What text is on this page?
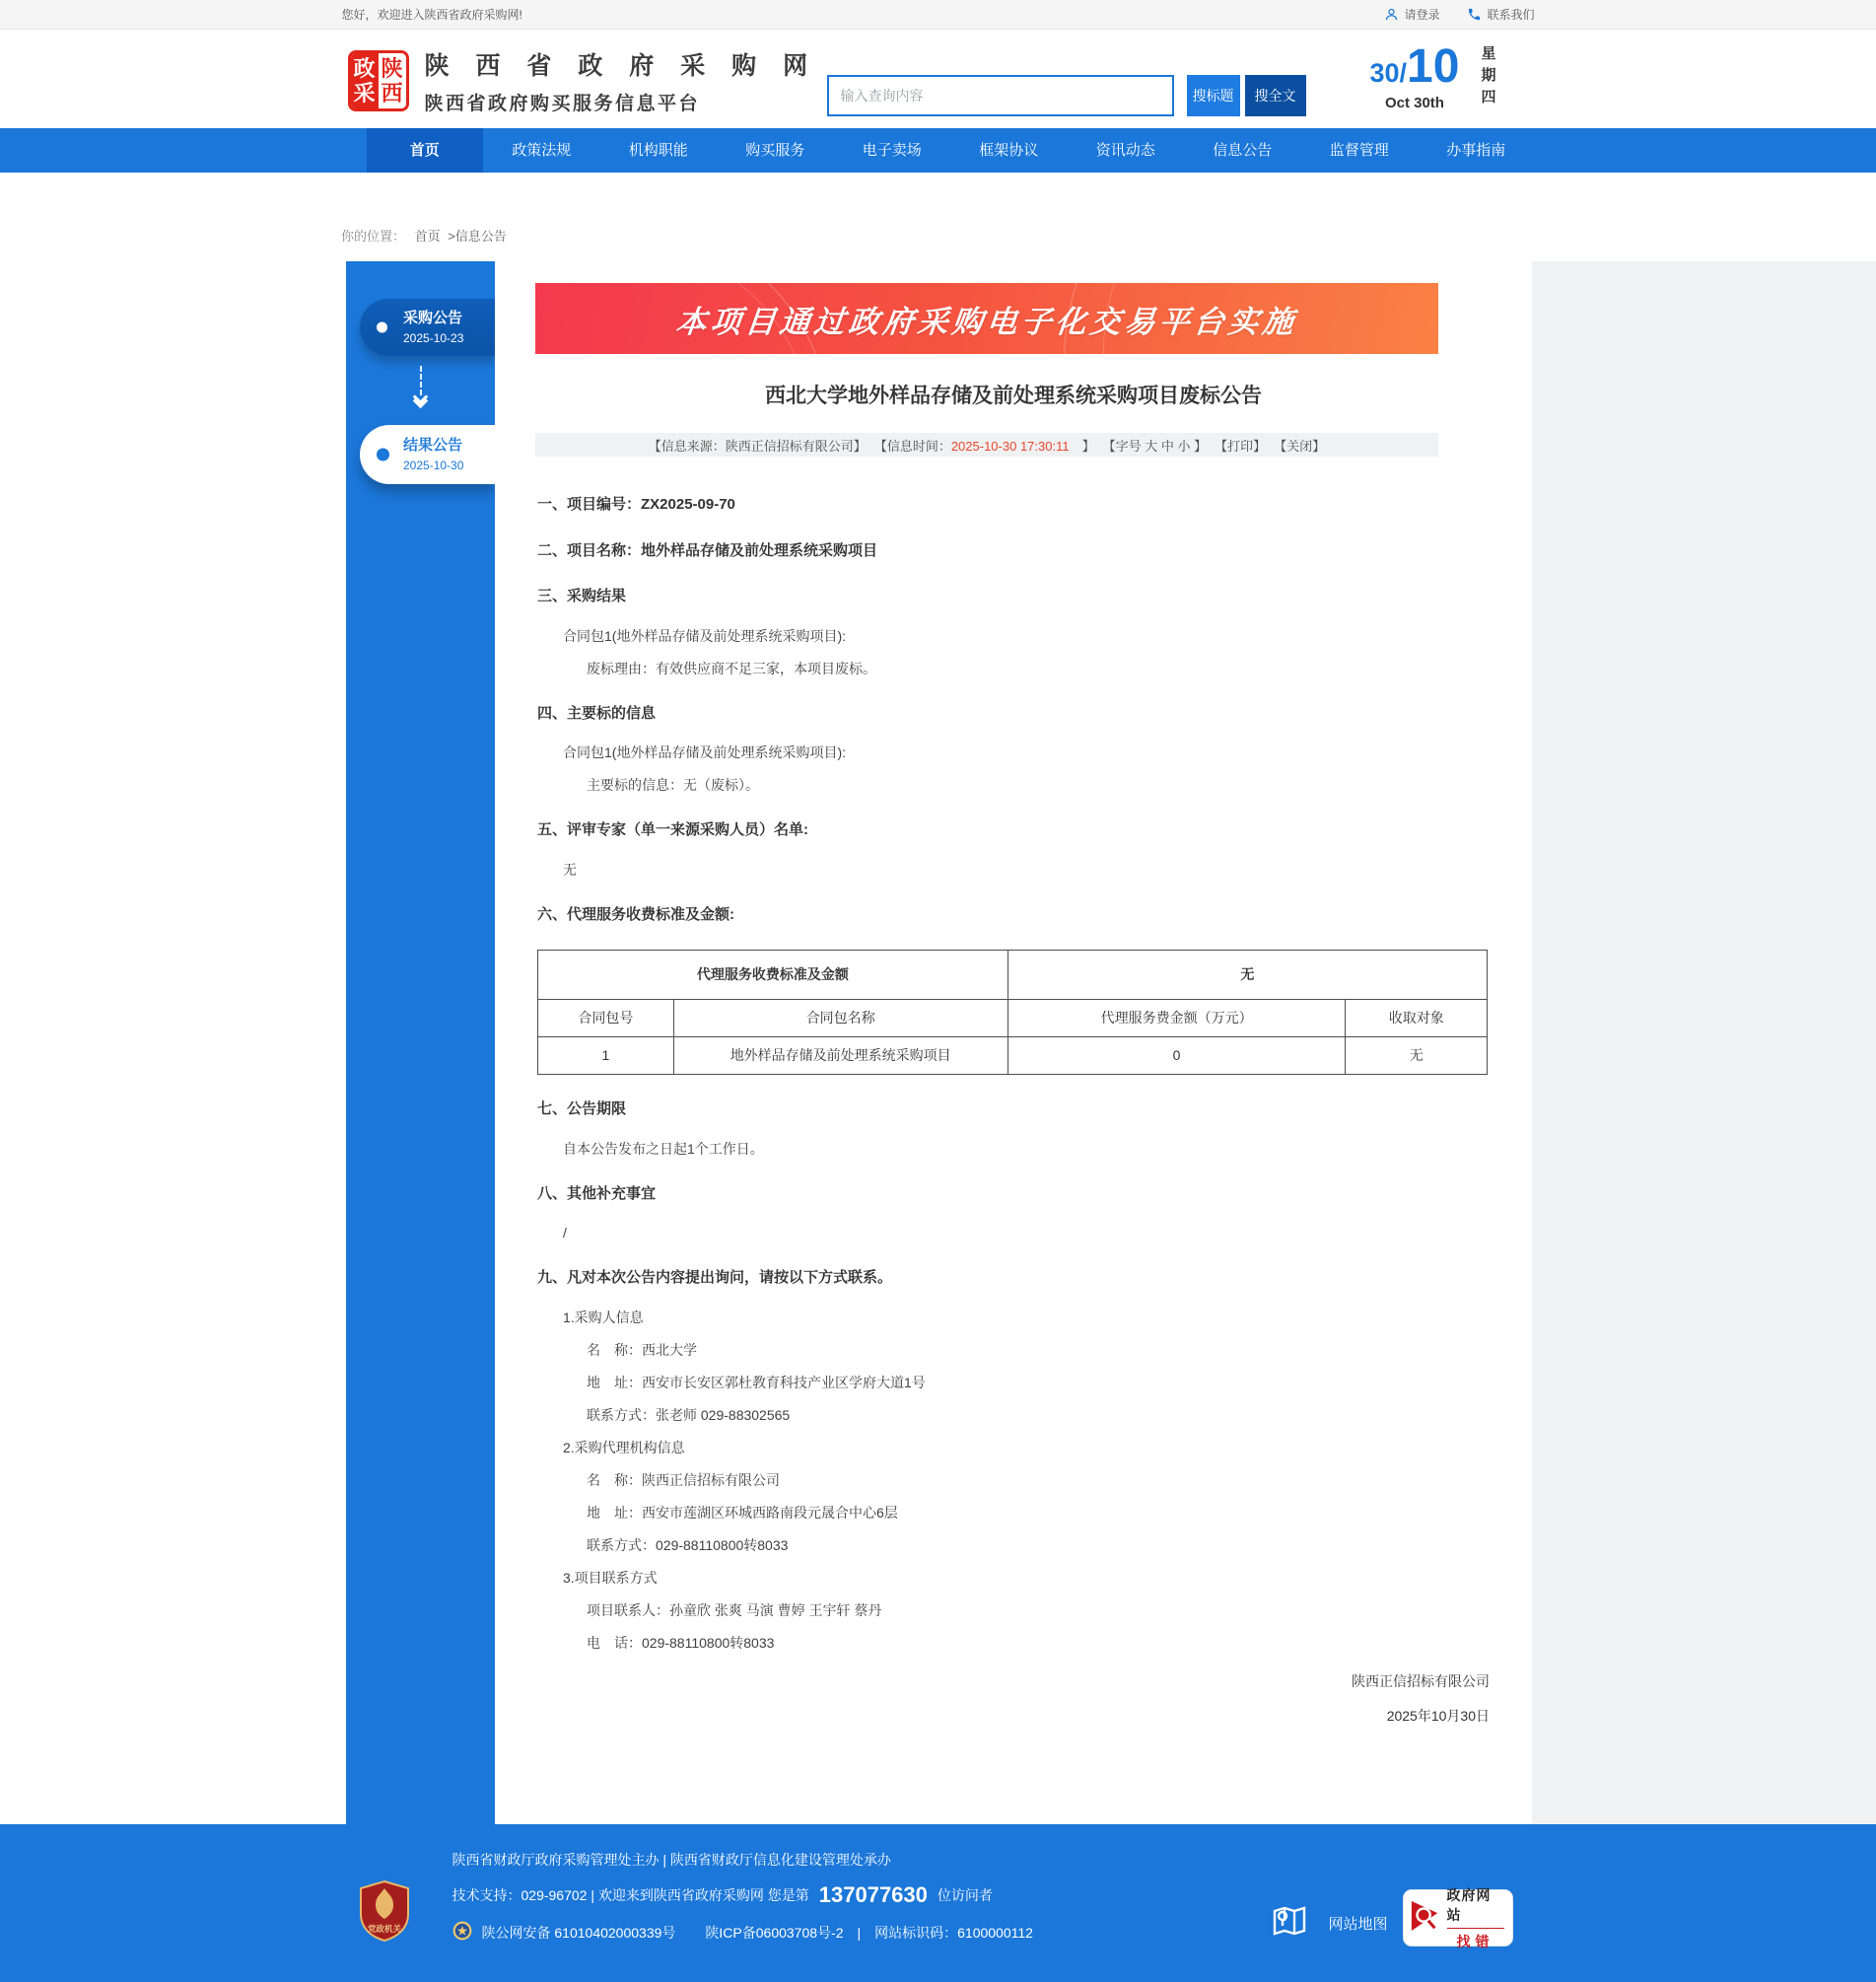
您好，欢迎进入陕西省政府采购网!	请登录	联系我们
政
采
陕
西
陕 西 省 政 府 采 购 网
陕西省政府购买服务信息平台
输入查询内容	搜标题	搜全文
30/ 10
Oct 30th	星期四
首页	政策法规	机构职能	购买服务	电子卖场	框架协议	资讯动态	信息公告	监督管理	办事指南
你的位置： 首页 >信息公告
采购公告
2025-10-23
结果公告
2025-10-30
本项目通过政府采购电子化交易平台实施
西北大学地外样品存储及前处理系统采购项目废标公告
【信息来源：陕西正信招标有限公司】 【信息时间：2025-10-30 17:30:11　】 【字号 大 中 小 】 【打印】 【关闭】

一、项目编号：ZX2025-09-70

二、项目名称：地外样品存储及前处理系统采购项目

三、采购结果

合同包1(地外样品存储及前处理系统采购项目):

废标理由：有效供应商不足三家，本项目废标。

四、主要标的信息

合同包1(地外样品存储及前处理系统采购项目):

主要标的信息：无（废标）。

五、评审专家（单一来源采购人员）名单:

无

六、代理服务收费标准及金额:

代理服务收费标准及金额		无	
合同包号	合同包名称	代理服务费金额（万元）	收取对象
1	地外样品存储及前处理系统采购项目	0	无

七、公告期限

自本公告发布之日起1个工作日。

八、其他补充事宜

/

九、凡对本次公告内容提出询问，请按以下方式联系。

1.采购人信息

名　称：西北大学

地　址：西安市长安区郭杜教育科技产业区学府大道1号

联系方式：张老师 029-88302565

2.采购代理机构信息

名　称：陕西正信招标有限公司

地　址：西安市莲湖区环城西路南段元晟合中心6层

联系方式：029-88110800转8033

3.项目联系方式

项目联系人：孙童欣 张爽 马演 曹婷 王宇轩 蔡丹

电　话：029-88110800转8033

陕西正信招标有限公司
2025年10月30日
党政机关
陕西省财政厅政府采购管理处主办 | 陕西省财政厅信息化建设管理处承办
技术支持：029-96702 | 欢迎来到陕西省政府采购网 您是第 137077630 位访问者
陕公网安备 61010402000339号 陕ICP备06003708号-2 | 网站标识码：6100000112	网站地图
政府网站
找错
